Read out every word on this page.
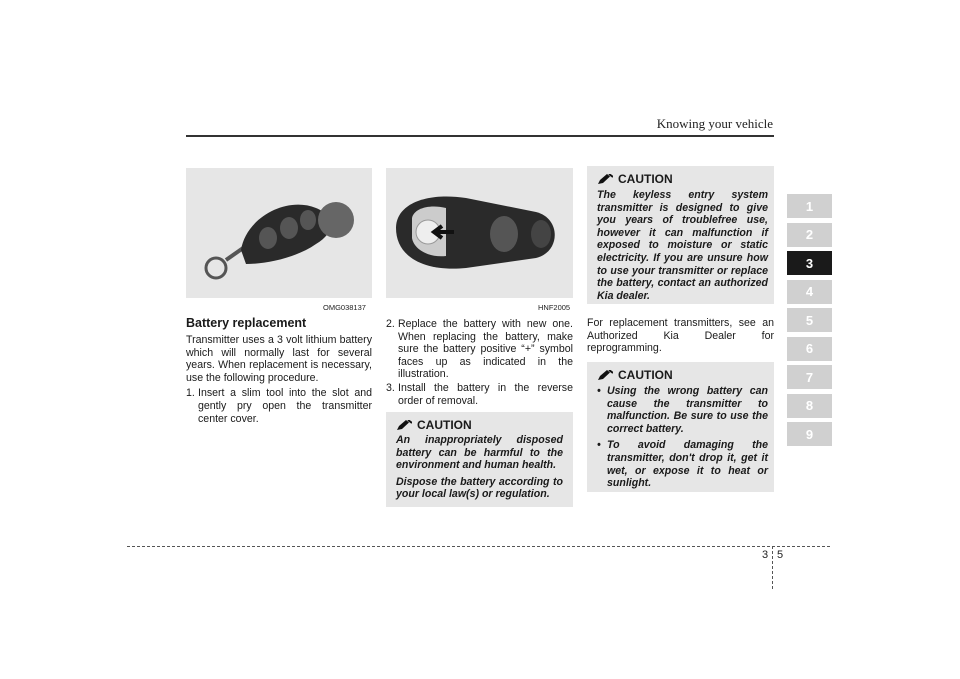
Knowing your vehicle
OMG038137	HNF2005
Battery replacement

Transmitter uses a 3 volt lithium battery which will normally last for several years. When replacement is necessary, use the following procedure.

1. Insert a slim tool into the slot and gently pry open the transmitter center cover.
2. Replace the battery with new one. When replacing the battery, make sure the battery positive “+” symbol faces up as indicated in the illustration.
3. Install the battery in the reverse order of removal.
CAUTION

An inappropriately disposed battery can be harmful to the environment and human health.

Dispose the battery according to your local law(s) or regulation.

CAUTION

The keyless entry system transmitter is designed to give you years of troublefree use, however it can malfunction if exposed to moisture or static electricity. If you are unsure how to use your transmitter or replace the battery, contact an authorized Kia dealer.

For replacement transmitters, see an Authorized Kia Dealer for reprogramming.

CAUTION
• Using the wrong battery can cause the transmitter to malfunction. Be sure to use the correct battery.
• To avoid damaging the transmitter, don't drop it, get it wet, or expose it to heat or sunlight.
1
2
3
4
5
6
7
8
9
3 5
